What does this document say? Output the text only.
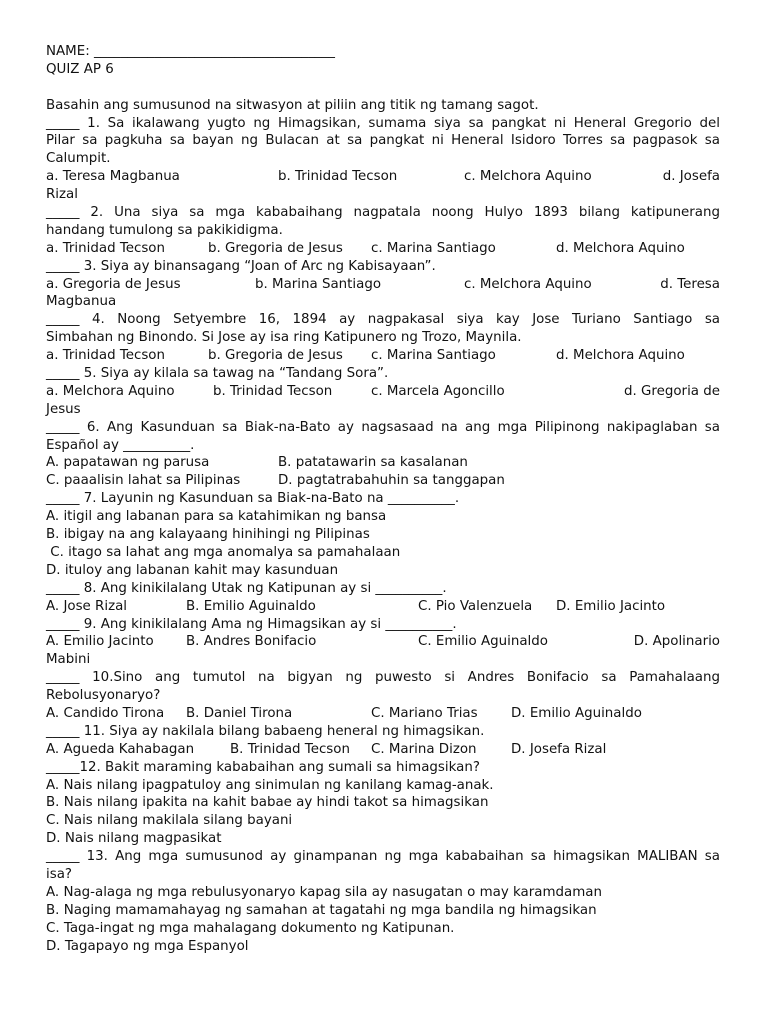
NAME: ____________________________________
QUIZ AP 6
Basahin ang sumusunod na sitwasyon at piliin ang titik ng tamang sagot.
_____ 1. Sa ikalawang yugto ng Himagsikan, sumama siya sa pangkat ni Heneral Gregorio del
Pilar sa pagkuha sa bayan ng Bulacan at sa pangkat ni Heneral Isidoro Torres sa pagpasok sa
Calumpit.
a. Teresa Magbanua	b. Trinidad Tecson	c. Melchora Aquino	d. Josefa
Rizal
_____ 2. Una siya sa mga kababaihang nagpatala noong Hulyo 1893 bilang katipunerang
handang tumulong sa pakikidigma.
a. Trinidad Tecson	b. Gregoria de Jesus c. Marina Santiago	d. Melchora Aquino
_____ 3. Siya ay binansagang “Joan of Arc ng Kabisayaan”.
a. Gregoria de Jesus	b. Marina Santiago	c. Melchora Aquino	d. Teresa
Magbanua
_____ 4. Noong Setyembre 16, 1894 ay nagpakasal siya kay Jose Turiano Santiago sa
Simbahan ng Binondo. Si Jose ay isa ring Katipunero ng Trozo, Maynila.
a. Trinidad Tecson	b. Gregoria de Jesus c. Marina Santiago	d. Melchora Aquino
_____ 5. Siya ay kilala sa tawag na “Tandang Sora”.
a. Melchora Aquino	b. Trinidad Tecson	c. Marcela Agoncillo	d. Gregoria de
Jesus
_____ 6. Ang Kasunduan sa Biak-na-Bato ay nagsasaad na ang mga Pilipinong nakipaglaban sa
Español ay __________.
A. papatawan ng parusa	B. patatawarin sa kasalanan
C. paaalisin lahat sa Pilipinas	D. pagtatrabahuhin sa tanggapan
_____ 7. Layunin ng Kasunduan sa Biak-na-Bato na __________.
A. itigil ang labanan para sa katahimikan ng bansa
B. ibigay na ang kalayaang hinihingi ng Pilipinas
C. itago sa lahat ang mga anomalya sa pamahalaan
D. ituloy ang labanan kahit may kasunduan
_____ 8. Ang kinikilalang Utak ng Katipunan ay si __________.
A. Jose Rizal	B. Emilio Aguinaldo	C. Pio Valenzuela D. Emilio Jacinto
_____ 9. Ang kinikilalang Ama ng Himagsikan ay si __________.
A. Emilio Jacinto B. Andres Bonifacio	C. Emilio Aguinaldo	D. Apolinario
Mabini
_____ 10.Sino ang tumutol na bigyan ng puwesto si Andres Bonifacio sa Pamahalaang
Rebolusyonaryo?
A. Candido Tirona B. Daniel Tirona	C. Mariano Trias D. Emilio Aguinaldo
_____ 11. Siya ay nakilala bilang babaeng heneral ng himagsikan.
A. Agueda Kahabagan	B. Trinidad Tecson C. Marina Dizon	D. Josefa Rizal
_____12. Bakit maraming kababaihan ang sumali sa himagsikan?
A. Nais nilang ipagpatuloy ang sinimulan ng kanilang kamag-anak.
B. Nais nilang ipakita na kahit babae ay hindi takot sa himagsikan
C. Nais nilang makilala silang bayani
D. Nais nilang magpasikat
_____ 13. Ang mga sumusunod ay ginampanan ng mga kababaihan sa himagsikan MALIBAN sa
isa?
A. Nag-alaga ng mga rebulusyonaryo kapag sila ay nasugatan o may karamdaman
B. Naging mamamahayag ng samahan at tagatahi ng mga bandila ng himagsikan
C. Taga-ingat ng mga mahalagang dokumento ng Katipunan.
D. Tagapayo ng mga Espanyol
